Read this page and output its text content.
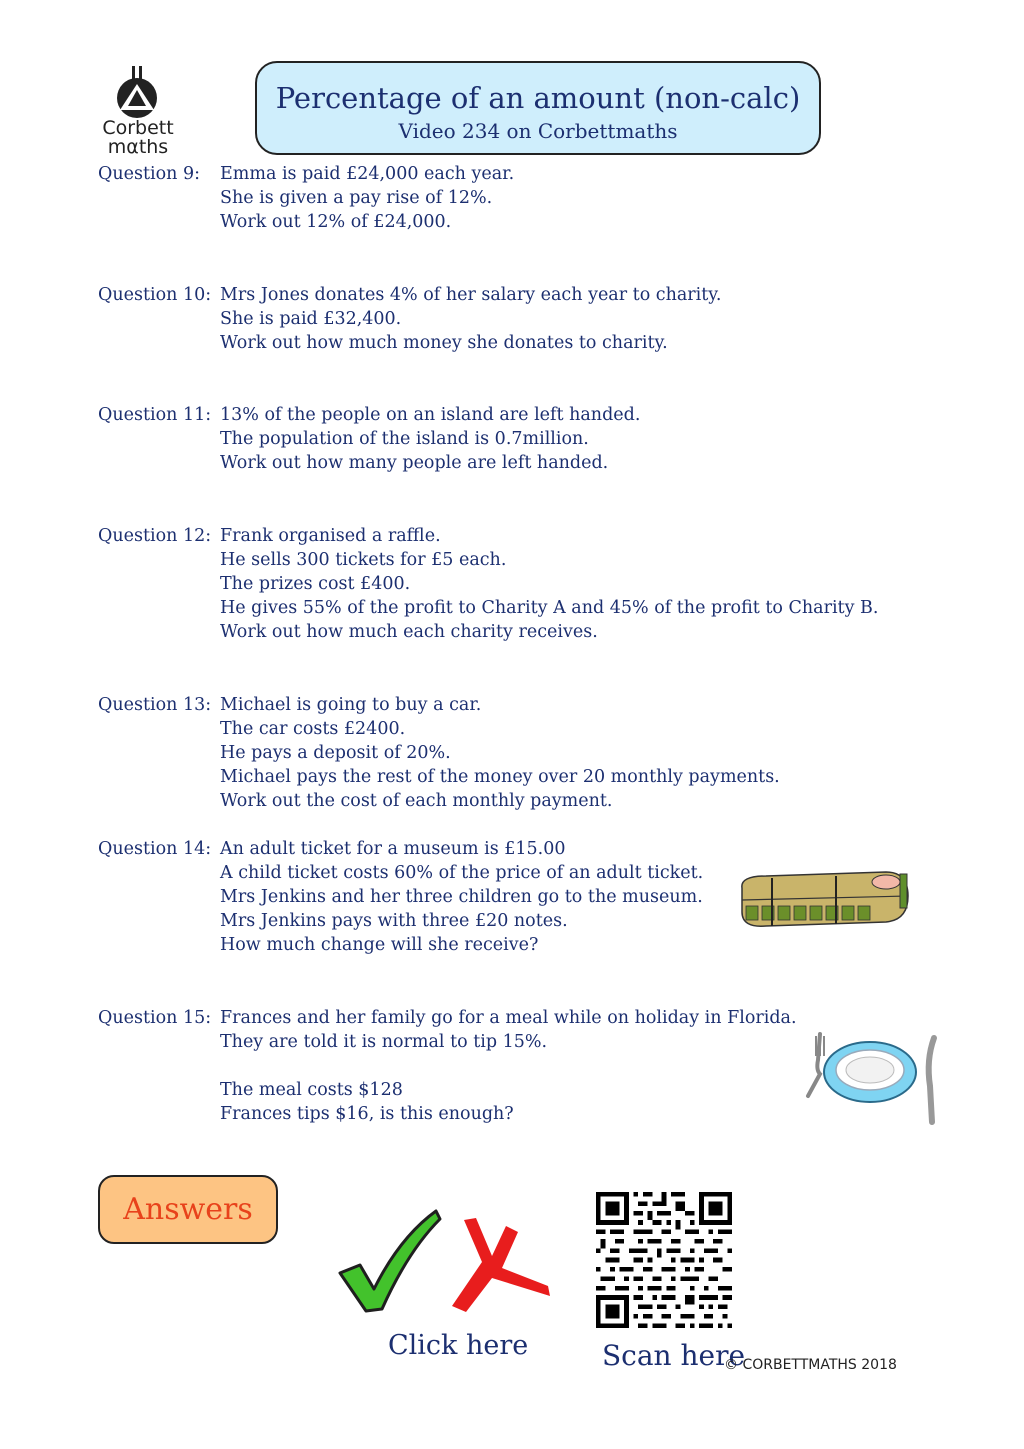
Corbett
mαths
Percentage of an amount (non-calc)
Video 234 on Corbettmaths
Question 9: Emma is paid £24,000 each year.
She is given a pay rise of 12%.
Work out 12% of £24,000.
Question 10: Mrs Jones donates 4% of her salary each year to charity.
She is paid £32,400.
Work out how much money she donates to charity.
Question 11: 13% of the people on an island are left handed.
The population of the island is 0.7million.
Work out how many people are left handed.
Question 12: Frank organised a raffle.
He sells 300 tickets for £5 each.
The prizes cost £400.
He gives 55% of the profit to Charity A and 45% of the profit to Charity B.
Work out how much each charity receives.
Question 13: Michael is going to buy a car.
The car costs £2400.
He pays a deposit of 20%.
Michael pays the rest of the money over 20 monthly payments.
Work out the cost of each monthly payment.
Question 14: An adult ticket for a museum is £15.00
A child ticket costs 60% of the price of an adult ticket.
Mrs Jenkins and her three children go to the museum.
Mrs Jenkins pays with three £20 notes.
How much change will she receive?
Question 15: Frances and her family go for a meal while on holiday in Florida.
They are told it is normal to tip 15%.
The meal costs $128
Frances tips $16, is this enough?
Answers
Click here	Scan here
© CORBETTMATHS 2018
